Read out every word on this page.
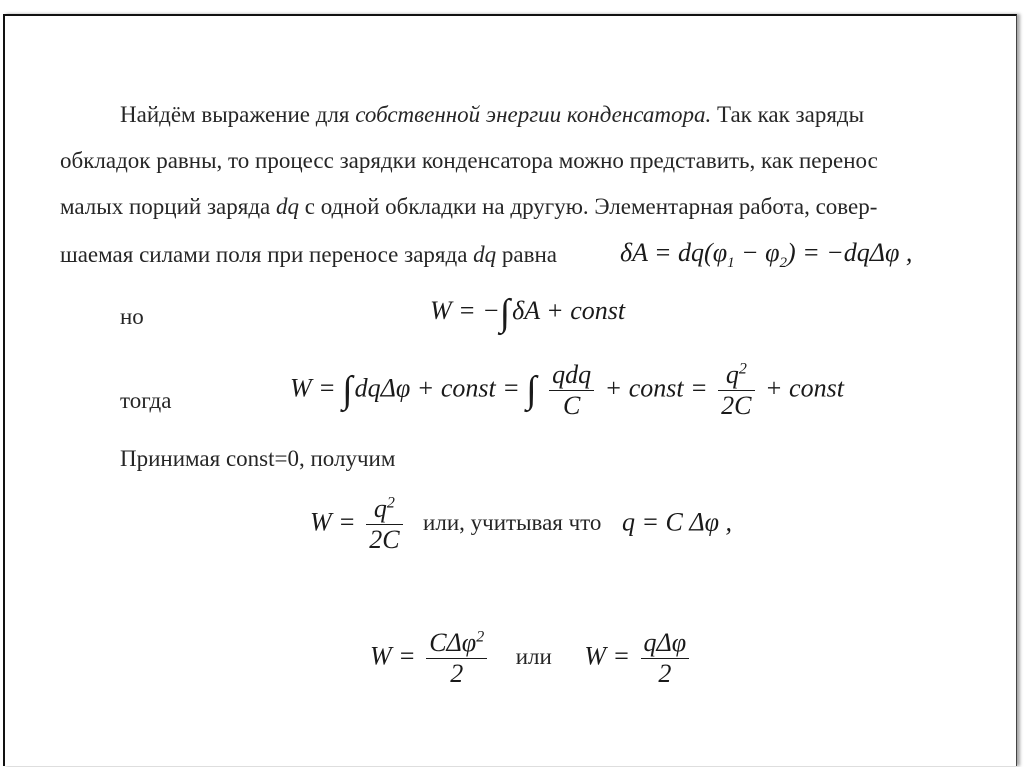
Найдём выражение для собственной энергии конденсатора. Так как заряды
обкладок равны, то процесс зарядки конденсатора можно представить, как перенос
малых порций заряда dq с одной обкладки на другую. Элементарная работа, совер-
шаемая силами поля при переносе заряда dq равна $\delta A = dq(\varphi_1 - \varphi_2) = -dq\Delta\varphi$ ,
но	W = −∫δA + const
тогда	W = ∫dqΔφ + const = ∫ $\frac{\text{qdq}}{C}$ + const = $\frac{q^2}{2C}$ + const
Принимая const=0, получим
$W = \frac{q^2}{2C}$ или, учитывая что q = C Δφ ,
$W = \frac{C\Delta\varphi^2}{2}$ или $W = \frac{\text{qΔφ}}{2}$
